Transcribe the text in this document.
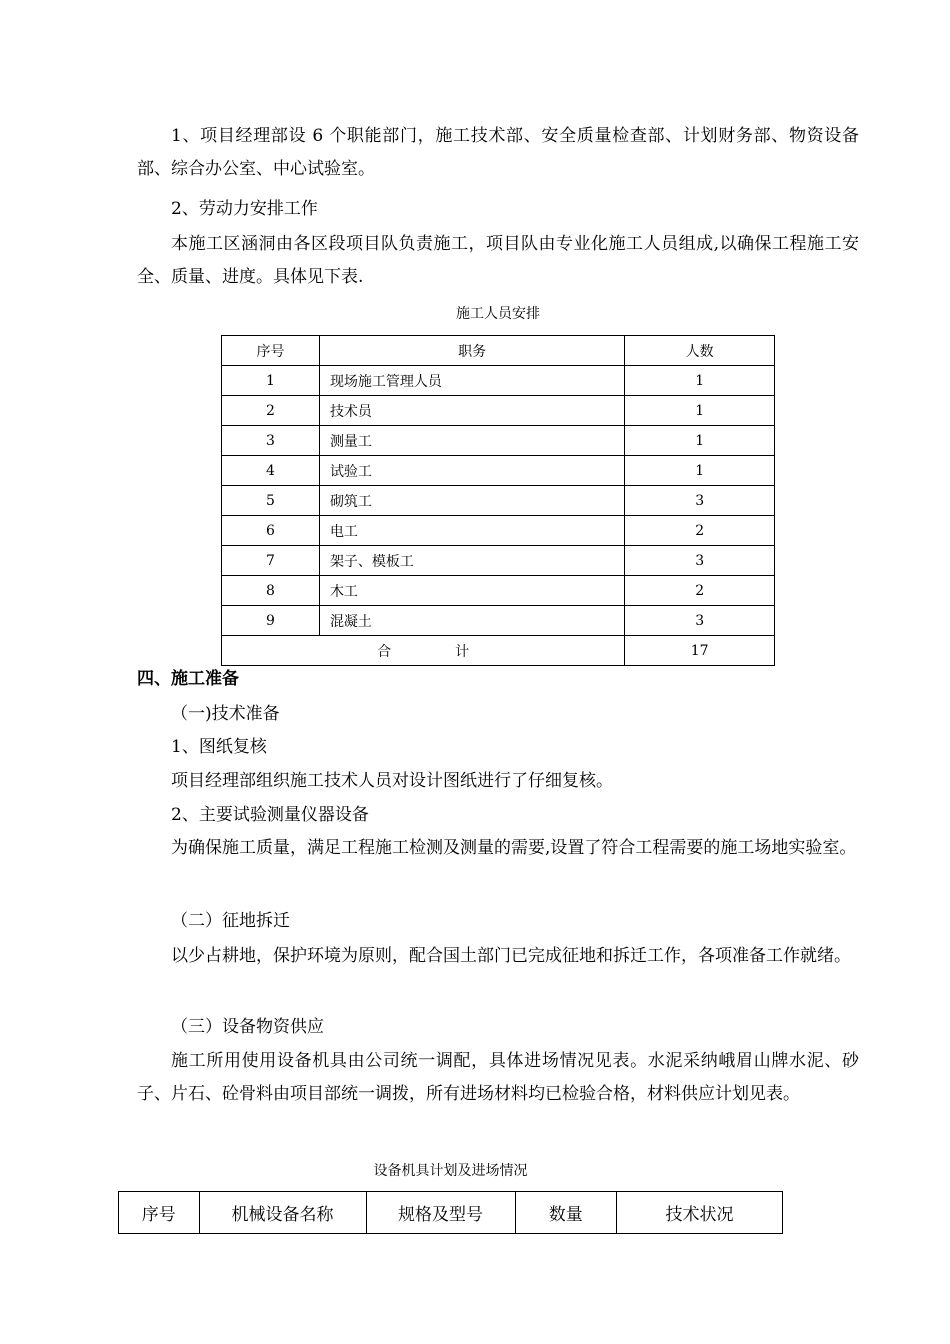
1、项目经理部设 6 个职能部门，施工技术部、安全质量检查部、计划财务部、物资设备部、综合办公室、中心试验室。

2、劳动力安排工作

本施工区涵洞由各区段项目队负责施工，项目队由专业化施工人员组成,以确保工程施工安全、质量、进度。具体见下表.

施工人员安排
序号	职务	人数
1	现场施工管理人员	1
2	技术员	1
3	测量工	1
4	试验工	1
5	砌筑工	3
6	电工	2
7	架子、模板工	3
8	木工	2
9	混凝土	3
合 计		17
四、施工准备
（一)技术准备
1、图纸复核
项目经理部组织施工技术人员对设计图纸进行了仔细复核。
2、主要试验测量仪器设备

为确保施工质量，满足工程施工检测及测量的需要,设置了符合工程需要的施工场地实验室。

（二）征地拆迁

以少占耕地，保护环境为原则，配合国土部门已完成征地和拆迁工作，各项准备工作就绪。

（三）设备物资供应

施工所用使用设备机具由公司统一调配，具体进场情况见表。水泥采纳峨眉山牌水泥、砂子、片石、砼骨料由项目部统一调拨，所有进场材料均已检验合格，材料供应计划见表。

设备机具计划及进场情况
序号	机械设备名称	规格及型号	数量	技术状况
